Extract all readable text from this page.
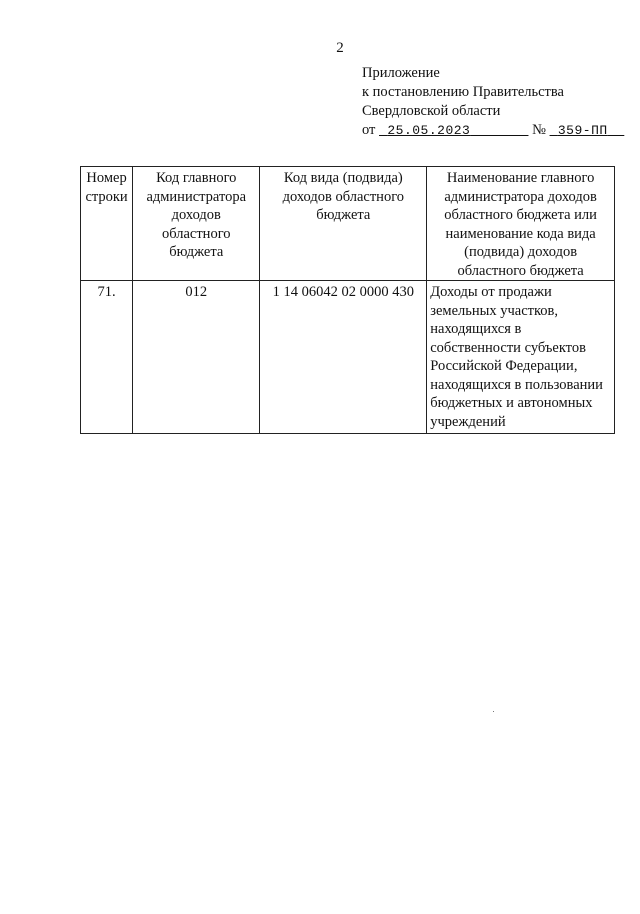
2
Приложение
к постановлению Правительства
Свердловской области
от 25.05.2023	№ 359-ПП
Номер строки	Код главного администратора доходов областного бюджета	Код вида (подвида) доходов областного бюджета	Наименование главного администратора доходов областного бюджета или наименование кода вида (подвида) доходов областного бюджета
71.	012	1 14 06042 02 0000 430	Доходы от продажи земельных участков, находящихся в собственности субъектов Российской Федерации, находящихся в пользовании бюджетных и автономных учреждений
